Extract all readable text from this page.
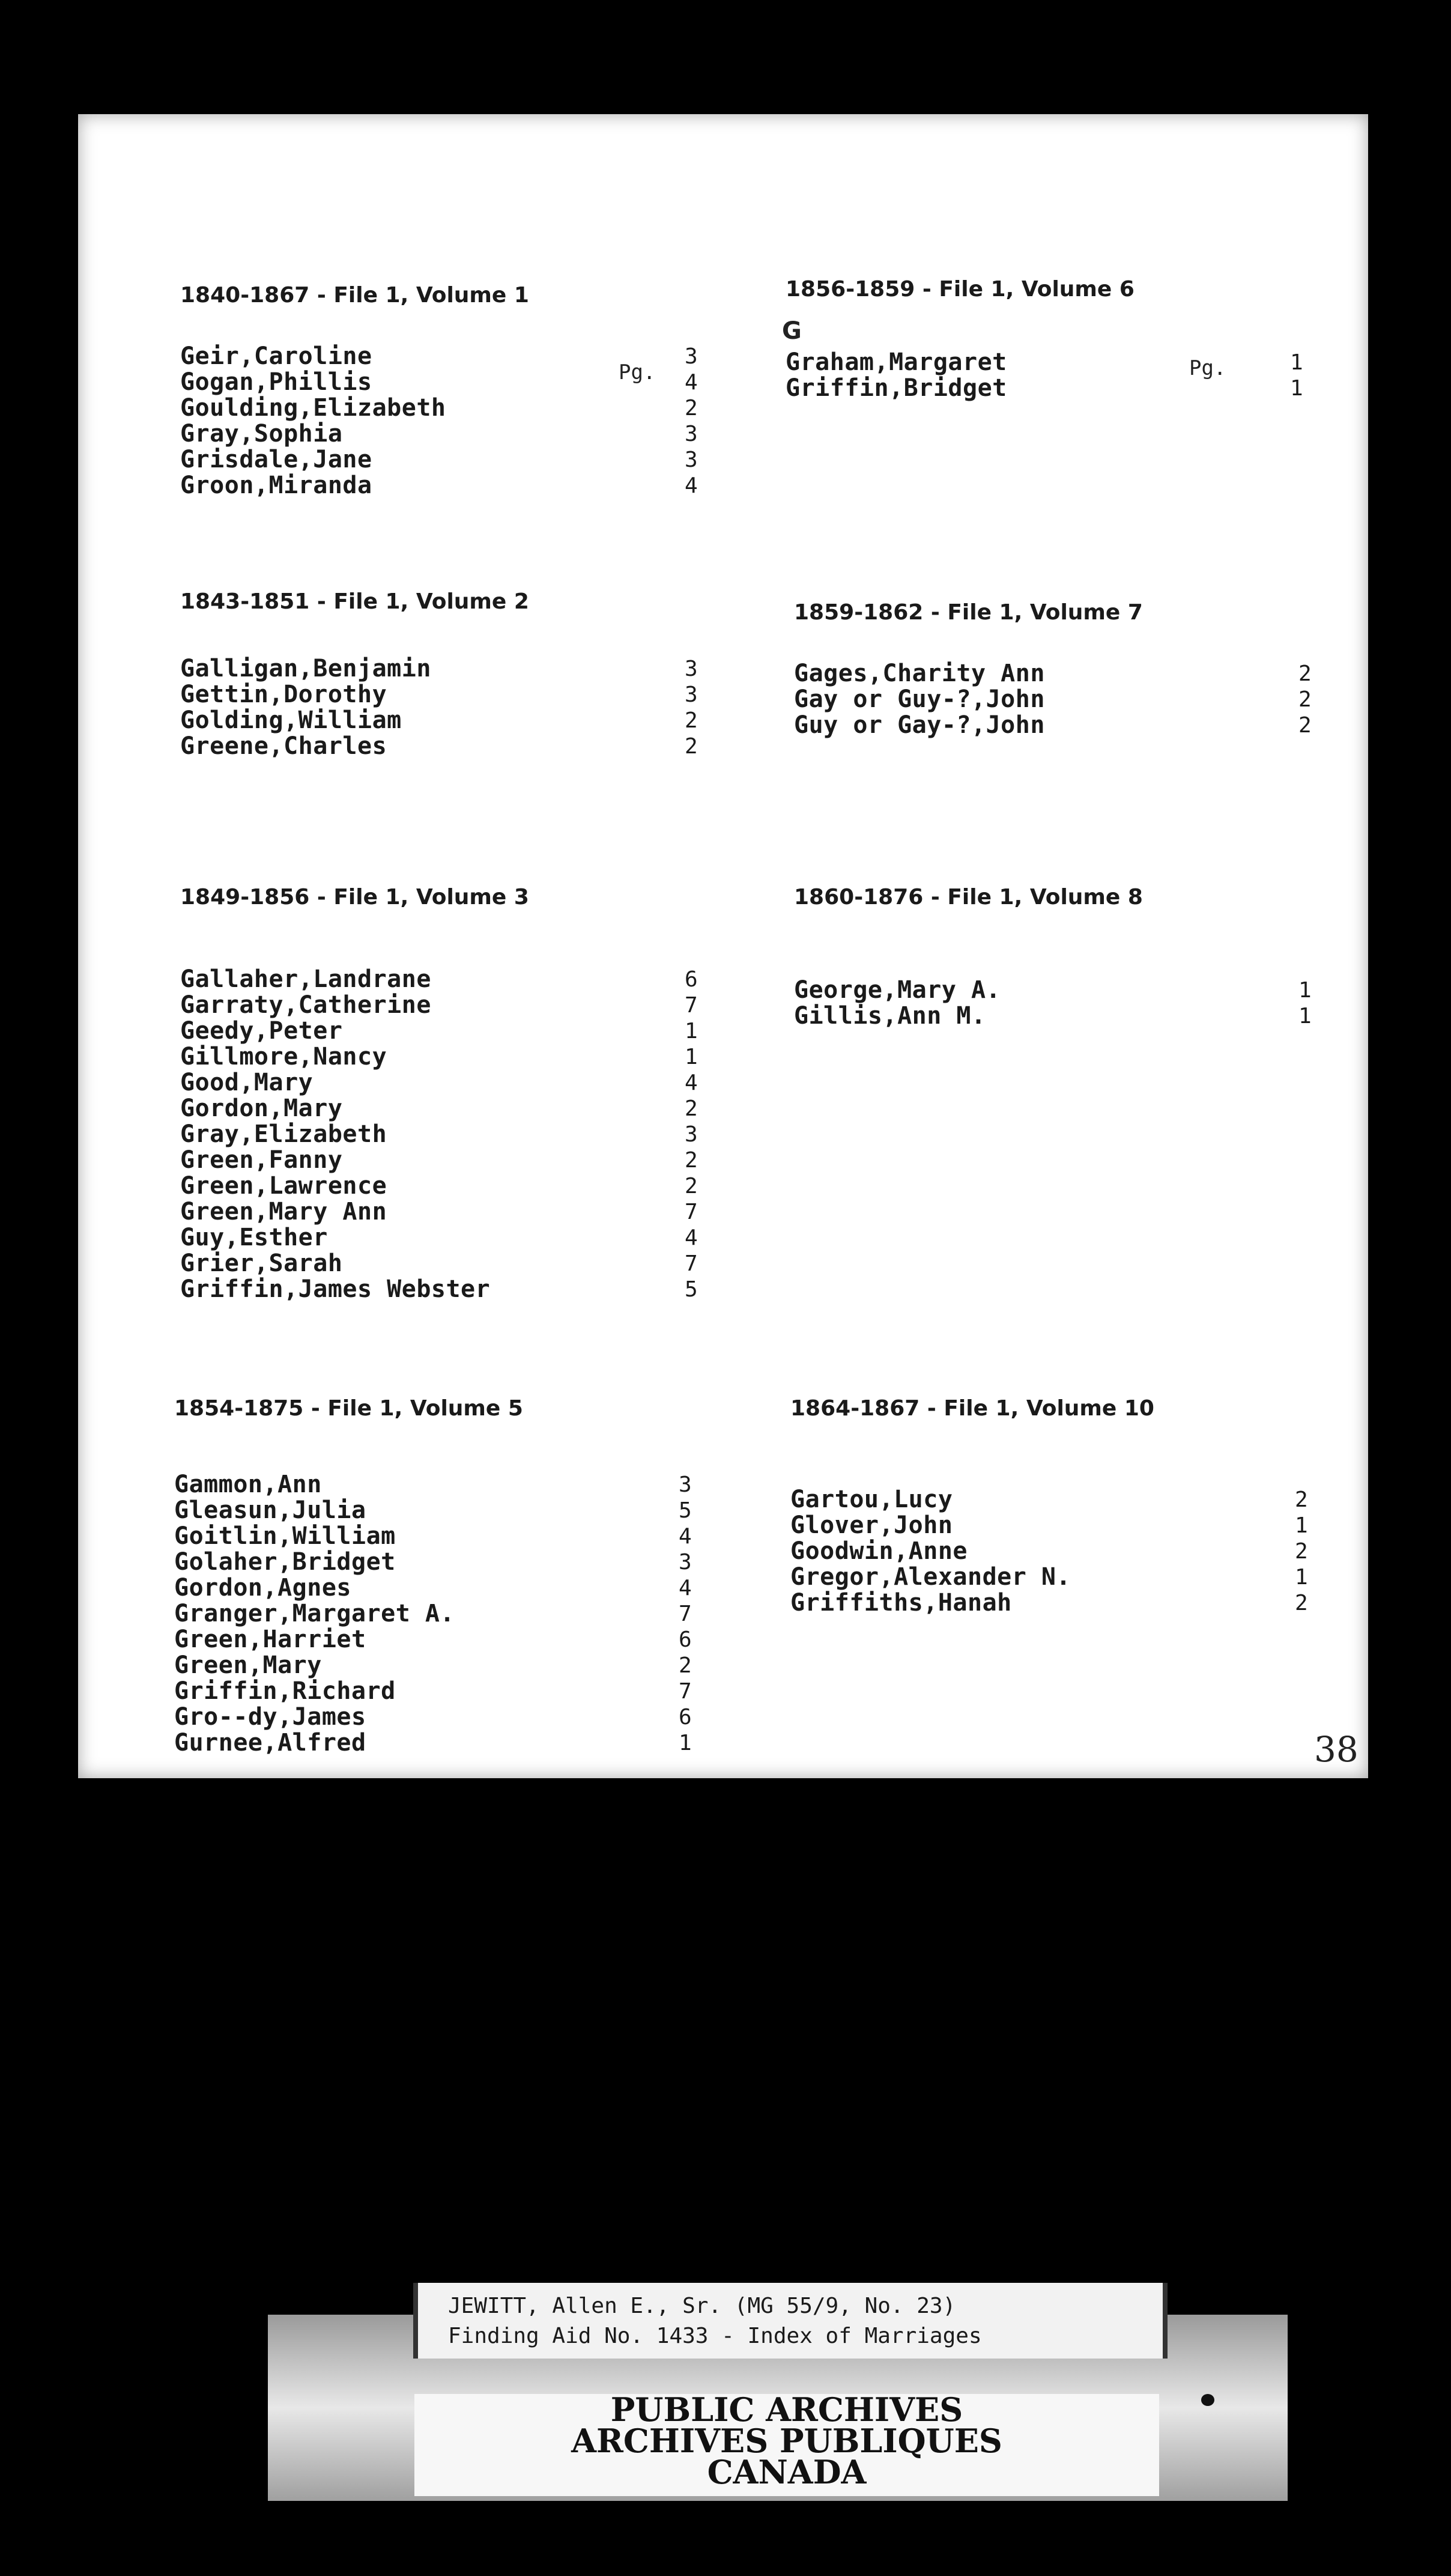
G
1840-1867 - File 1, Volume 1
Geir,Caroline	3
Gogan,Phillis	4
Goulding,Elizabeth	2
Gray,Sophia	3
Grisdale,Jane	3
Groon,Miranda	4
Pg.
1856-1859 - File 1, Volume 6
Graham,Margaret	1
Griffin,Bridget	1
Pg.
1843-1851 - File 1, Volume 2
Galligan,Benjamin	3
Gettin,Dorothy	3
Golding,William	2
Greene,Charles	2
1859-1862 - File 1, Volume 7
Gages,Charity Ann	2
Gay or Guy-?,John	2
Guy or Gay-?,John	2
1849-1856 - File 1, Volume 3
Gallaher,Landrane	6
Garraty,Catherine	7
Geedy,Peter	1
Gillmore,Nancy	1
Good,Mary	4
Gordon,Mary	2
Gray,Elizabeth	3
Green,Fanny	2
Green,Lawrence	2
Green,Mary Ann	7
Guy,Esther	4
Grier,Sarah	7
Griffin,James Webster	5
1860-1876 - File 1, Volume 8
George,Mary A.	1
Gillis,Ann M.	1
1854-1875 - File 1, Volume 5
Gammon,Ann	3
Gleasun,Julia	5
Goitlin,William	4
Golaher,Bridget	3
Gordon,Agnes	4
Granger,Margaret A.	7
Green,Harriet	6
Green,Mary	2
Griffin,Richard	7
Gro--dy,James	6
Gurnee,Alfred	1
1864-1867 - File 1, Volume 10
Gartou,Lucy	2
Glover,John	1
Goodwin,Anne	2
Gregor,Alexander N.	1
Griffiths,Hanah	2
38
JEWITT, Allen E., Sr. (MG 55/9, No. 23)
Finding Aid No. 1433 - Index of Marriages
PUBLIC ARCHIVES
ARCHIVES PUBLIQUES
CANADA
